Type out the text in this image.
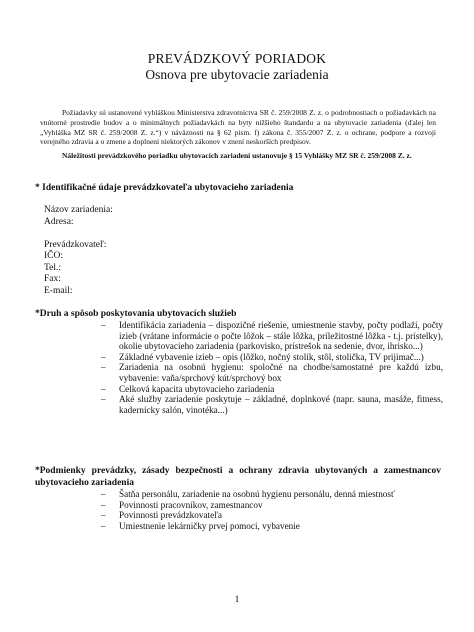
PREVÁDZKOVÝ PORIADOK
Osnova pre ubytovacie zariadenia
Požiadavky sú ustanovené vyhláškou Ministerstva zdravotníctva SR č. 259/2008 Z. z. o podrobnostiach o požiadavkách na vnútorné prostredie budov a o minimálnych požiadavkách na byty nižšieho štandardu a na ubytovacie zariadenia (ďalej len „Vyhláška MZ SR č. 259/2008 Z. z.“) v náväznosti na § 62 písm. f) zákona č. 355/2007 Z. z. o ochrane, podpore a rozvoji verejného zdravia a o zmene a doplnení niektorých zákonov v znení neskorších predpisov.
Náležitosti prevádzkového poriadku ubytovacích zariadení ustanovuje § 15 Vyhlášky MZ SR č. 259/2008 Z. z.
* Identifikačné údaje prevádzkovateľa ubytovacieho zariadenia
Názov zariadenia:
Adresa:
Prevádzkovateľ:
IČO:
Tel.:
Fax:
E-mail:
*Druh a spôsob poskytovania ubytovacích služieb
– Identifikácia zariadenia – dispozičné riešenie, umiestnenie stavby, počty podlaží, počty izieb (vrátane informácie o počte lôžok – stále lôžka, príležitostné lôžka - t.j. prístelky), okolie ubytovacieho zariadenia (parkovisko, prístrešok na sedenie, dvor, ihrisko...)
– Základné vybavenie izieb – opis (lôžko, nočný stolík, stôl, stolička, TV prijímač...)
– Zariadenia na osobnú hygienu: spoločné na chodbe/samostatné pre každú izbu, vybavenie: vaňa/sprchový kút/sprchový box
– Celková kapacita ubytovacieho zariadenia
– Aké služby zariadenie poskytuje – základné, doplnkové (napr. sauna, masáže, fitness, kadernícky salón, vinotéka...)
*Podmienky prevádzky, zásady bezpečnosti a ochrany zdravia ubytovaných a zamestnancov ubytovacieho zariadenia
– Šatňa personálu, zariadenie na osobnú hygienu personálu, denná miestnosť
– Povinnosti pracovníkov, zamestnancov
– Povinnosti prevádzkovateľa
– Umiestnenie lekárničky prvej pomoci, vybavenie
1
